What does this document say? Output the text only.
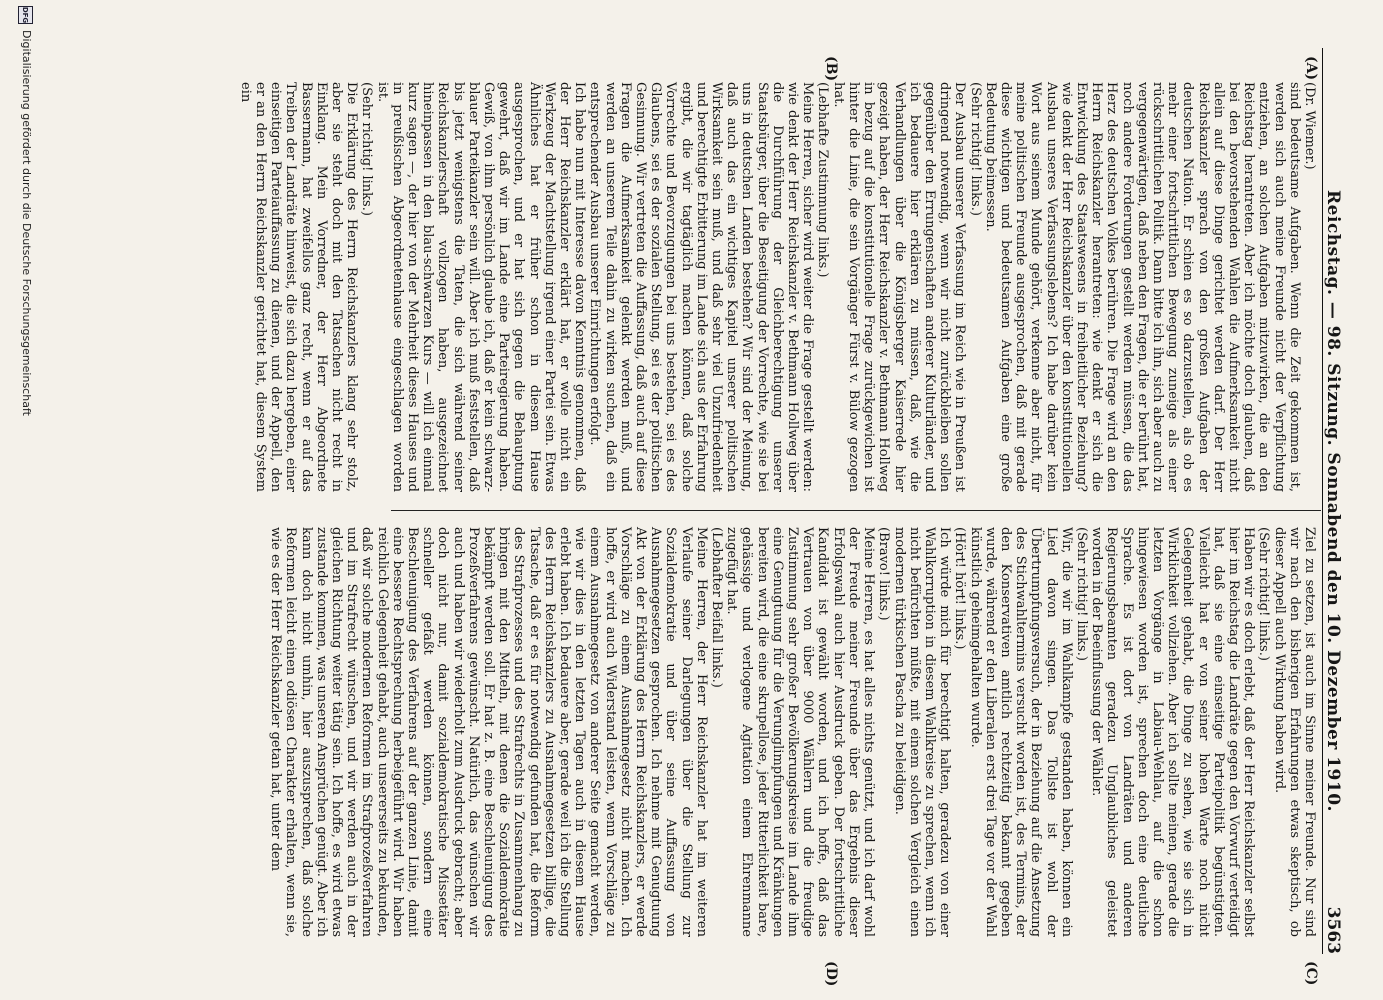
Reichstag. — 98. Sitzung. Sonnabend den 10. Dezember 1910.
3563
(A)
(B)
(C)
(D)
(Dr. Wiemer.)
sind bedeutsame Aufgaben. Wenn die Zeit gekommen ist, werden sich auch meine Freunde nicht der Verpflichtung entziehen, an solchen Aufgaben mitzuwirken, die an den Reichstag herantreten. Aber ich möchte doch glauben, daß bei den bevorstehenden Wahlen die Aufmerksamkeit nicht allein auf diese Dinge gerichtet werden darf. Der Herr Reichskanzler sprach von den großen Aufgaben der deutschen Nation. Er schien es so darzustellen, als ob es mehr einer fortschrittlichen Bewegung zuneige als einer rückschrittlichen Politik. Dann bitte ich ihn, sich aber auch zu vergegenwärtigen, daß neben den Fragen, die er berührt hat, noch andere Forderungen gestellt werden müssen, die das Herz des deutschen Volkes berühren. Die Frage wird an den Herrn Reichskanzler herantreten: wie denkt er sich die Entwicklung des Staatswesens in freiheitlicher Beziehung? wie denkt der Herr Reichskanzler über den konstitutionellen Ausbau unseres Verfassungslebens? Ich habe darüber kein Wort aus seinem Munde gehört, verkenne aber nicht, für meine politischen Freunde ausgesprochen, daß mit gerade diese wichtigen und bedeutsamen Aufgaben eine große Bedeutung beimessen.
(Sehr richtig! links.)
Der Ausbau unserer Verfassung im Reich wie in Preußen ist dringend notwendig, wenn wir nicht zurückbleiben sollen gegenüber den Errungenschaften anderer Kulturländer, und ich bedauere hier erklären zu müssen, daß, wie die Verhandlungen über die Königsberger Kaiserrede hier gezeigt haben, der Herr Reichskanzler v. Bethmann Hollweg in bezug auf die konstitutionelle Frage zurückgewichen ist hinter die Linie, die sein Vorgänger Fürst v. Bülow gezogen hat.
(Lebhafte Zustimmung links.)
Meine Herren, sicher wird weiter die Frage gestellt werden: wie denkt der Herr Reichskanzler v. Bethmann Hollweg über die Durchführung der Gleichberechtigung unserer Staatsbürger, über die Beseitigung der Vorrechte, wie sie bei uns in deutschen Landen bestehen? Wir sind der Meinung, daß auch das ein wichtiges Kapitel unserer politischen Wirksamkeit sein muß, und daß sehr viel Unzufriedenheit und berechtigte Erbitterung im Lande sich aus der Erfahrung ergibt, die wir tagtäglich machen können, daß solche Vorrechte und Bevorzugungen bei uns bestehen, sei es des Glaubens, sei es der sozialen Stellung, sei es der politischen Gesinnung. Wir vertreten die Auffassung, daß auch auf diese Fragen die Aufmerksamkeit gelenkt werden muß, und werden an unserem Teile dahin zu wirken suchen, daß ein entsprechender Ausbau unserer Einrichtungen erfolgt.
Ich habe nun mit Interesse davon Kenntnis genommen, daß der Herr Reichskanzler erklärt hat, er wolle nicht ein Werkzeug der Machtstellung irgend einer Partei sein. Etwas Ähnliches hat er früher schon in diesem Hause ausgesprochen, und er hat sich gegen die Behauptung gewehrt, daß wir im Lande eine Parteiregierung haben. Gewiß, von ihm persönlich glaube ich, daß er kein schwarz-blauer Parteikanzler sein will. Aber ich muß feststellen, daß bis jetzt wenigstens die Taten, die sich während seiner Reichskanzlerschaft vollzogen haben, ausgezeichnet hineinpassen in den blau-schwarzen Kurs — will ich einmal kurz sagen —, der hier von der Mehrheit dieses Hauses und in preußischen Abgeordnetenhause eingeschlagen worden ist.
(Sehr richtig! links.)
Die Erklärung des Herrn Reichskanzlers klang sehr stolz, aber sie steht doch mit den Tatsachen nicht recht in Einklang. Mein Vorredner, der Herr Abgeordnete Bassermann, hat zweifellos ganz recht, wenn er auf das Treiben der Landräte hinweist, die sich dazu hergeben, einer einseitigen Parteiauffassung zu dienen, und der Appell, den er an den Herrn Reichskanzler gerichtet hat, diesem System ein
Ziel zu setzen, ist auch im Sinne meiner Freunde. Nur sind wir nach den bisherigen Erfahrungen etwas skeptisch, ob dieser Appell auch Wirkung haben wird.
(Sehr richtig! links.)
Haben wir es doch erlebt, daß der Herr Reichskanzler selbst hier im Reichstag die Landräte gegen den Vorwurf verteidigt hat, daß sie eine einseitige Parteipolitik begünstigten. Vielleicht hat er von seiner hohen Warte noch nicht Gelegenheit gehabt, die Dinge zu sehen, wie sie sich in Wirklichkeit vollziehen. Aber ich sollte meinen, gerade die letzten Vorgänge in Labiau-Wehlau, auf die schon hingewiesen worden ist, sprechen doch eine deutliche Sprache. Es ist dort von Landräten und anderen Regierungsbeamten geradezu Unglaubliches geleistet worden in der Beeinflussung der Wähler.
(Sehr richtig! links.)
Wir, die wir im Wahlkampfe gestanden haben, können ein Lied davon singen. Das Tollste ist wohl der Übertrumpfungsversuch, der in Beziehung auf die Ansetzung des Stichwahltermins versucht worden ist, des Termins, der den Konservativen amtlich rechtzeitig bekannt gegeben wurde, während er den Liberalen erst drei Tage vor der Wahl künstlich geheimgehalten wurde.
(Hört! hört! links.)
Ich würde mich für berechtigt halten, geradezu von einer Wahlkorruption in diesem Wahlkreise zu sprechen, wenn ich nicht befürchten müßte, mit einem solchen Vergleich einen modernen türkischen Pascha zu beleidigen.
(Bravo! links.)
Meine Herren, es hat alles nichts genützt, und ich darf wohl der Freude meiner Freunde über das Ergebnis dieser Erfolgswahl auch hier Ausdruck geben. Der fortschrittliche Kandidat ist gewählt worden, und ich hoffe, daß das Vertrauen von über 9000 Wählern und die freudige Zustimmung sehr großer Bevölkerungskreise im Lande ihm eine Genugtuung für die Verunglimpfungen und Kränkungen bereiten wird, die eine skrupellose, jeder Ritterlichkeit bare, gehässige und verlogene Agitation einem Ehrenmanne zugefügt hat.
(Lebhafter Beifall links.)
Meine Herren, der Herr Reichskanzler hat im weiteren Verlaufe seiner Darlegungen über die Stellung zur Sozialdemokratie und über seine Auffassung von Ausnahmegesetzen gesprochen. Ich nehme mit Genugtuung Akt von der Erklärung des Herrn Reichskanzlers, er werde Vorschläge zu einem Ausnahmegesetz nicht machen. Ich hoffe, er wird auch Widerstand leisten, wenn Vorschläge zu einem Ausnahmegesetz von anderer Seite gemacht werden, wie wir dies in den letzten Tagen auch in diesem Hause erlebt haben. Ich bedauere aber, gerade weil ich die Stellung des Herrn Reichskanzlers zu Ausnahmegesetzen billige, die Tatsache, daß er es für notwendig gefunden hat, die Reform des Strafprozesses und des Strafrechts in Zusammenhang zu bringen mit den Mitteln, mit denen die Sozialdemokratie bekämpft werden soll. Er hat z. B. eine Beschleunigung des Prozeßverfahrens gewünscht. Natürlich, das wünschen wir auch und haben wir wiederholt zum Ausdruck gebracht; aber doch nicht nur, damit sozialdemokratische Missetäter schneller gefaßt werden können, sondern eine Beschleunigung des Verfahrens auf der ganzen Linie, damit eine bessere Rechtsprechung herbeigeführt wird. Wir haben reichlich Gelegenheit gehabt, auch unsererseits zu bekunden, daß wir solche modernen Reformen im Strafprozeßverfahren und im Strafrecht wünschen, und wir werden auch in der gleichen Richtung weiter tätig sein. Ich hoffe, es wird etwas zustande kommen, was unseren Ansprüchen genügt. Aber ich kann doch nicht umhin, hier auszusprechen, daß solche Reformen leicht einen odiösen Charakter erhalten, wenn sie, wie es der Herr Reichskanzler getan hat, unter dem
DFG
Digitalisierung gefördert durch die Deutsche Forschungsgemeinschaft
